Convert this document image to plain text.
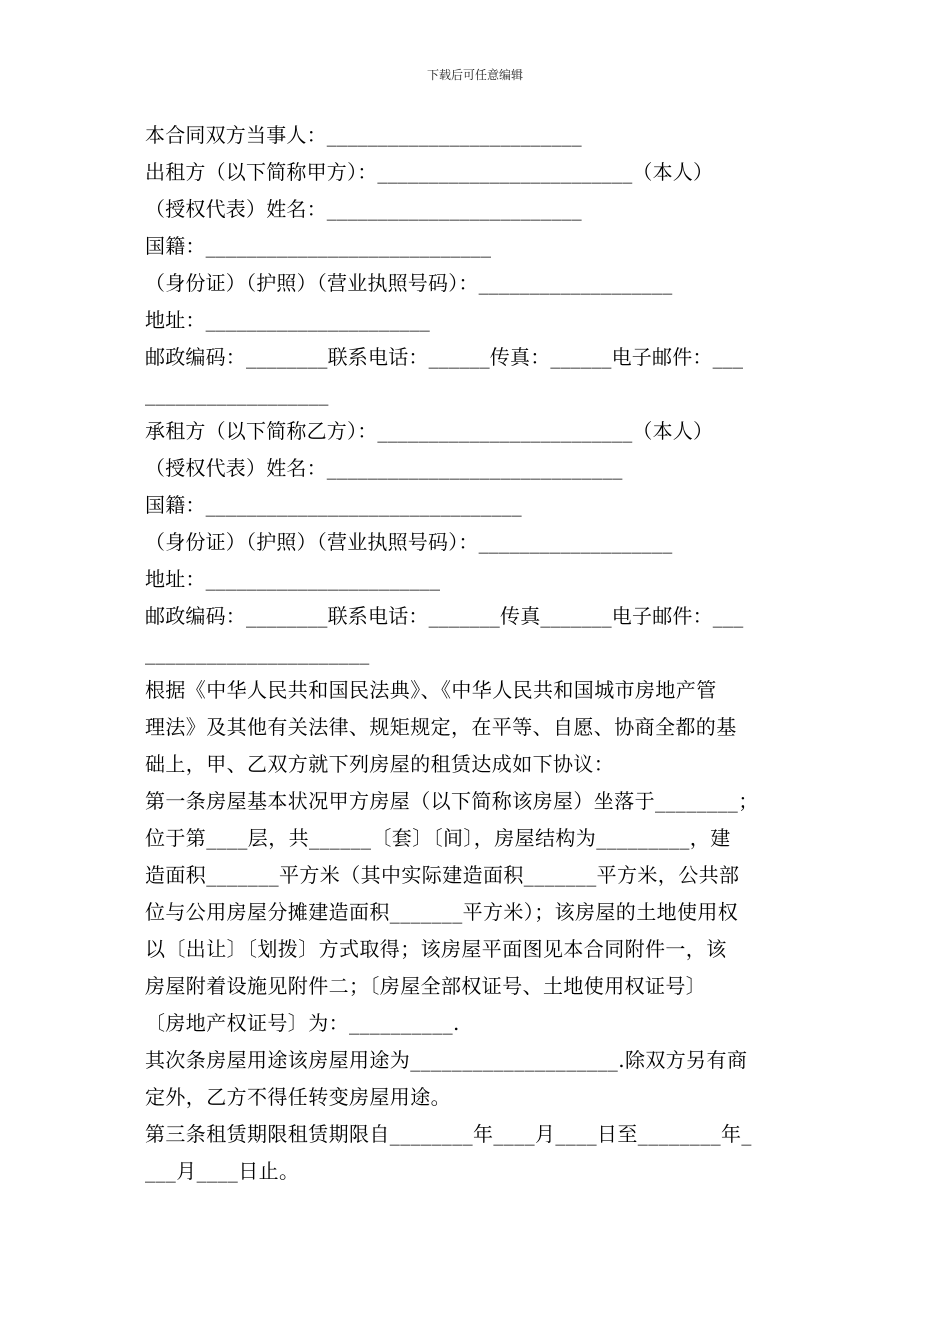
下载后可任意编辑
本合同双方当事人：_________________________
出租方（以下简称甲方）：_________________________（本人）
（授权代表）姓名：_________________________
国籍：____________________________
（身份证）（护照）（营业执照号码）：___________________
地址：______________________
邮政编码：________联系电话：______传真：______电子邮件：___
__________________
承租方（以下简称乙方）：_________________________（本人）
（授权代表）姓名：_____________________________
国籍：_______________________________
（身份证）（护照）（营业执照号码）：___________________
地址：_______________________
邮政编码：________联系电话：_______传真_______电子邮件：___
______________________
根据《中华人民共和国民法典》、《中华人民共和国城市房地产管
理法》及其他有关法律、规矩规定，在平等、自愿、协商全都的基
础上，甲、乙双方就下列房屋的租赁达成如下协议：
第一条房屋基本状况甲方房屋（以下简称该房屋）坐落于________；
位于第____层，共______〔套〕〔间〕，房屋结构为_________，建
造面积_______平方米（其中实际建造面积_______平方米，公共部
位与公用房屋分摊建造面积_______平方米）；该房屋的土地使用权
以〔出让〕〔划拨〕方式取得；该房屋平面图见本合同附件一，该
房屋附着设施见附件二；〔房屋全部权证号、土地使用权证号〕
〔房地产权证号〕为：__________.
其次条房屋用途该房屋用途为____________________.除双方另有商
定外，乙方不得任转变房屋用途。
第三条租赁期限租赁期限自________年____月____日至________年_
___月____日止。
